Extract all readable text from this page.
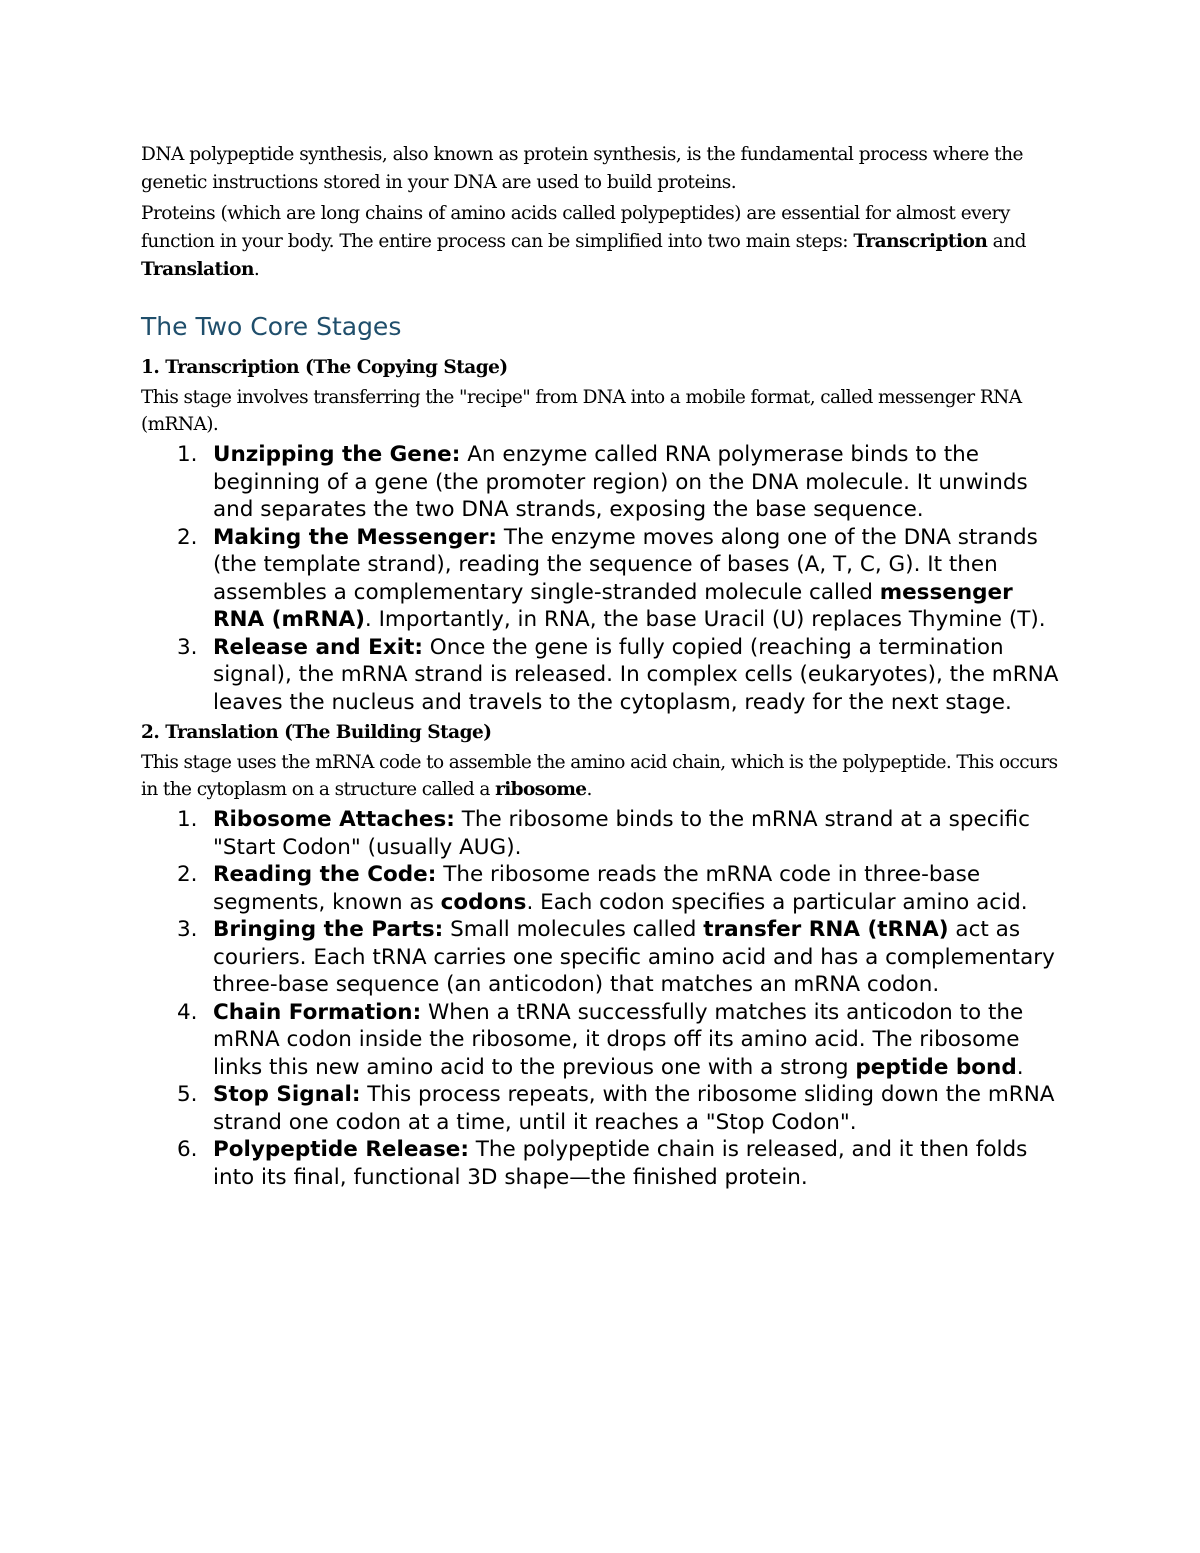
DNA polypeptide synthesis, also known as protein synthesis, is the fundamental process where the genetic instructions stored in your DNA are used to build proteins.

Proteins (which are long chains of amino acids called polypeptides) are essential for almost every function in your body. The entire process can be simplified into two main steps: Transcription and Translation.

The Two Core Stages
1. Transcription (The Copying Stage)

This stage involves transferring the "recipe" from DNA into a mobile format, called messenger RNA (mRNA).

1. Unzipping the Gene: An enzyme called RNA polymerase binds to the beginning of a gene (the promoter region) on the DNA molecule. It unwinds and separates the two DNA strands, exposing the base sequence.
2. Making the Messenger: The enzyme moves along one of the DNA strands (the template strand), reading the sequence of bases (A, T, C, G). It then assembles a complementary single-stranded molecule called messenger RNA (mRNA). Importantly, in RNA, the base Uracil (U) replaces Thymine (T).
3. Release and Exit: Once the gene is fully copied (reaching a termination signal), the mRNA strand is released. In complex cells (eukaryotes), the mRNA leaves the nucleus and travels to the cytoplasm, ready for the next stage.
2. Translation (The Building Stage)

This stage uses the mRNA code to assemble the amino acid chain, which is the polypeptide. This occurs in the cytoplasm on a structure called a ribosome.

1. Ribosome Attaches: The ribosome binds to the mRNA strand at a specific "Start Codon" (usually AUG).
2. Reading the Code: The ribosome reads the mRNA code in three-base segments, known as codons. Each codon specifies a particular amino acid.
3. Bringing the Parts: Small molecules called transfer RNA (tRNA) act as couriers. Each tRNA carries one specific amino acid and has a complementary three-base sequence (an anticodon) that matches an mRNA codon.
4. Chain Formation: When a tRNA successfully matches its anticodon to the mRNA codon inside the ribosome, it drops off its amino acid. The ribosome links this new amino acid to the previous one with a strong peptide bond.
5. Stop Signal: This process repeats, with the ribosome sliding down the mRNA strand one codon at a time, until it reaches a "Stop Codon".
6. Polypeptide Release: The polypeptide chain is released, and it then folds into its final, functional 3D shape—the finished protein.
